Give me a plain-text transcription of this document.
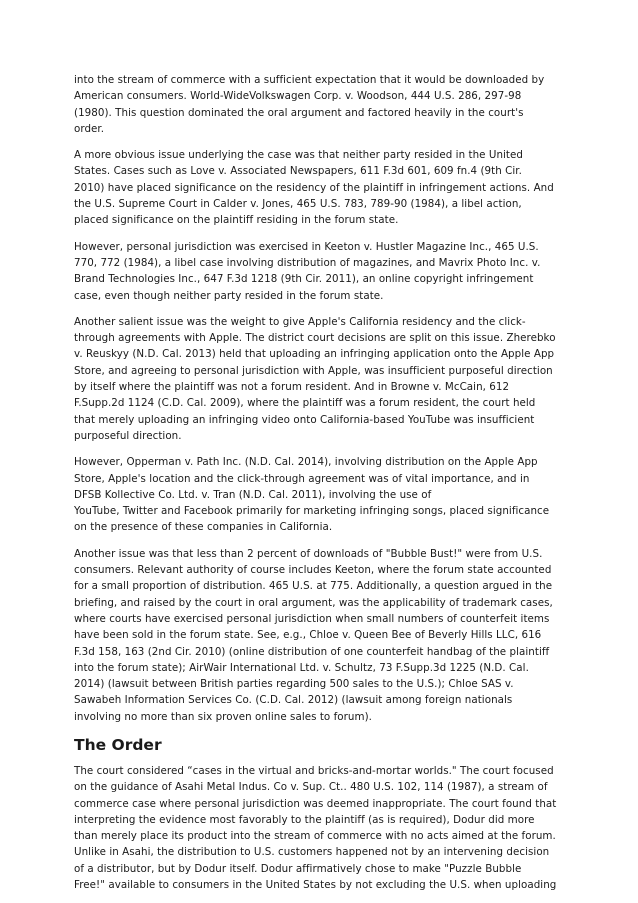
into the stream of commerce with a sufficient expectation that it would be downloaded by
American consumers. World-WideVolkswagen Corp. v. Woodson, 444 U.S. 286, 297-98
(1980). This question dominated the oral argument and factored heavily in the court's
order.

A more obvious issue underlying the case was that neither party resided in the United
States. Cases such as Love v. Associated Newspapers, 611 F.3d 601, 609 fn.4 (9th Cir.
2010) have placed significance on the residency of the plaintiff in infringement actions. And
the U.S. Supreme Court in Calder v. Jones, 465 U.S. 783, 789-90 (1984), a libel action,
placed significance on the plaintiff residing in the forum state.

However, personal jurisdiction was exercised in Keeton v. Hustler Magazine Inc., 465 U.S.
770, 772 (1984), a libel case involving distribution of magazines, and Mavrix Photo Inc. v.
Brand Technologies Inc., 647 F.3d 1218 (9th Cir. 2011), an online copyright infringement
case, even though neither party resided in the forum state.

Another salient issue was the weight to give Apple's California residency and the click-
through agreements with Apple. The district court decisions are split on this issue. Zherebko
v. Reuskyy (N.D. Cal. 2013) held that uploading an infringing application onto the Apple App
Store, and agreeing to personal jurisdiction with Apple, was insufficient purposeful direction
by itself where the plaintiff was not a forum resident. And in Browne v. McCain, 612
F.Supp.2d 1124 (C.D. Cal. 2009), where the plaintiff was a forum resident, the court held
that merely uploading an infringing video onto California-based YouTube was insufficient
purposeful direction.

However, Opperman v. Path Inc. (N.D. Cal. 2014), involving distribution on the Apple App
Store, Apple's location and the click-through agreement was of vital importance, and in
DFSB Kollective Co. Ltd. v. Tran (N.D. Cal. 2011), involving the use of
YouTube, Twitter and Facebook primarily for marketing infringing songs, placed significance
on the presence of these companies in California.

Another issue was that less than 2 percent of downloads of "Bubble Bust!" were from U.S.
consumers. Relevant authority of course includes Keeton, where the forum state accounted
for a small proportion of distribution. 465 U.S. at 775. Additionally, a question argued in the
briefing, and raised by the court in oral argument, was the applicability of trademark cases,
where courts have exercised personal jurisdiction when small numbers of counterfeit items
have been sold in the forum state. See, e.g., Chloe v. Queen Bee of Beverly Hills LLC, 616
F.3d 158, 163 (2nd Cir. 2010) (online distribution of one counterfeit handbag of the plaintiff
into the forum state); AirWair International Ltd. v. Schultz, 73 F.Supp.3d 1225 (N.D. Cal.
2014) (lawsuit between British parties regarding 500 sales to the U.S.); Chloe SAS v.
Sawabeh Information Services Co. (C.D. Cal. 2012) (lawsuit among foreign nationals
involving no more than six proven online sales to forum).

The Order

The court considered “cases in the virtual and bricks-and-mortar worlds." The court focused
on the guidance of Asahi Metal Indus. Co v. Sup. Ct.. 480 U.S. 102, 114 (1987), a stream of
commerce case where personal jurisdiction was deemed inappropriate. The court found that
interpreting the evidence most favorably to the plaintiff (as is required), Dodur did more
than merely place its product into the stream of commerce with no acts aimed at the forum.
Unlike in Asahi, the distribution to U.S. customers happened not by an intervening decision
of a distributor, but by Dodur itself. Dodur affirmatively chose to make "Puzzle Bubble
Free!" available to consumers in the United States by not excluding the U.S. when uploading
